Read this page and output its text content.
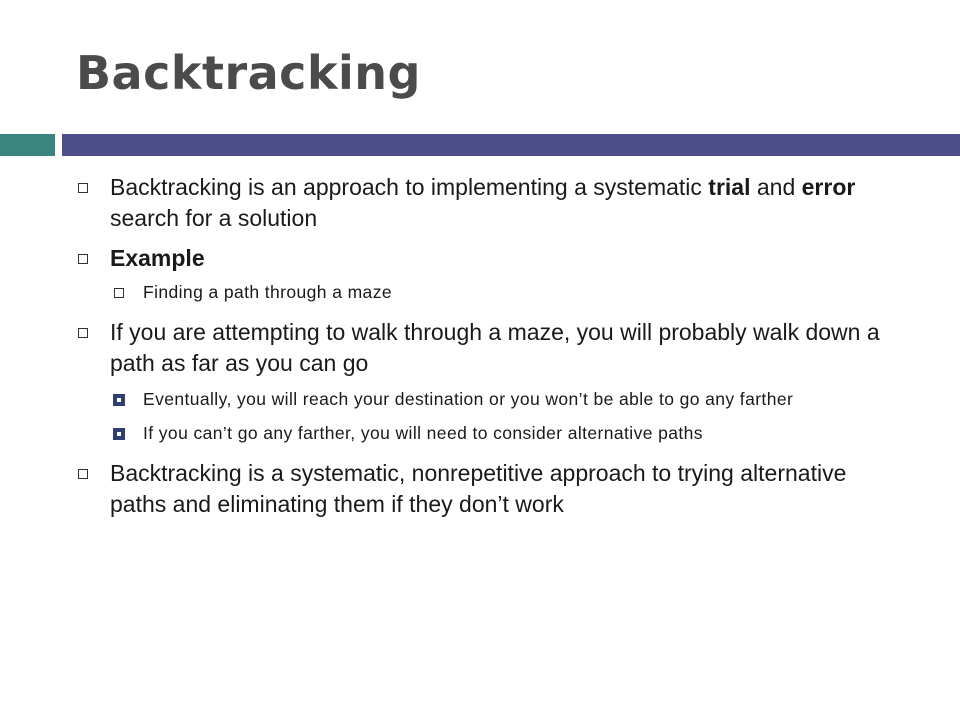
Backtracking
Backtracking is an approach to implementing a systematic trial and error search for a solution
Example
Finding a path through a maze
If you are attempting to walk through a maze, you will probably walk down a path as far as you can go
Eventually, you will reach your destination or you won’t be able to go any farther
If you can’t go any farther, you will need to consider alternative paths
Backtracking is a systematic, nonrepetitive approach to trying alternative paths and eliminating them if they don’t work
